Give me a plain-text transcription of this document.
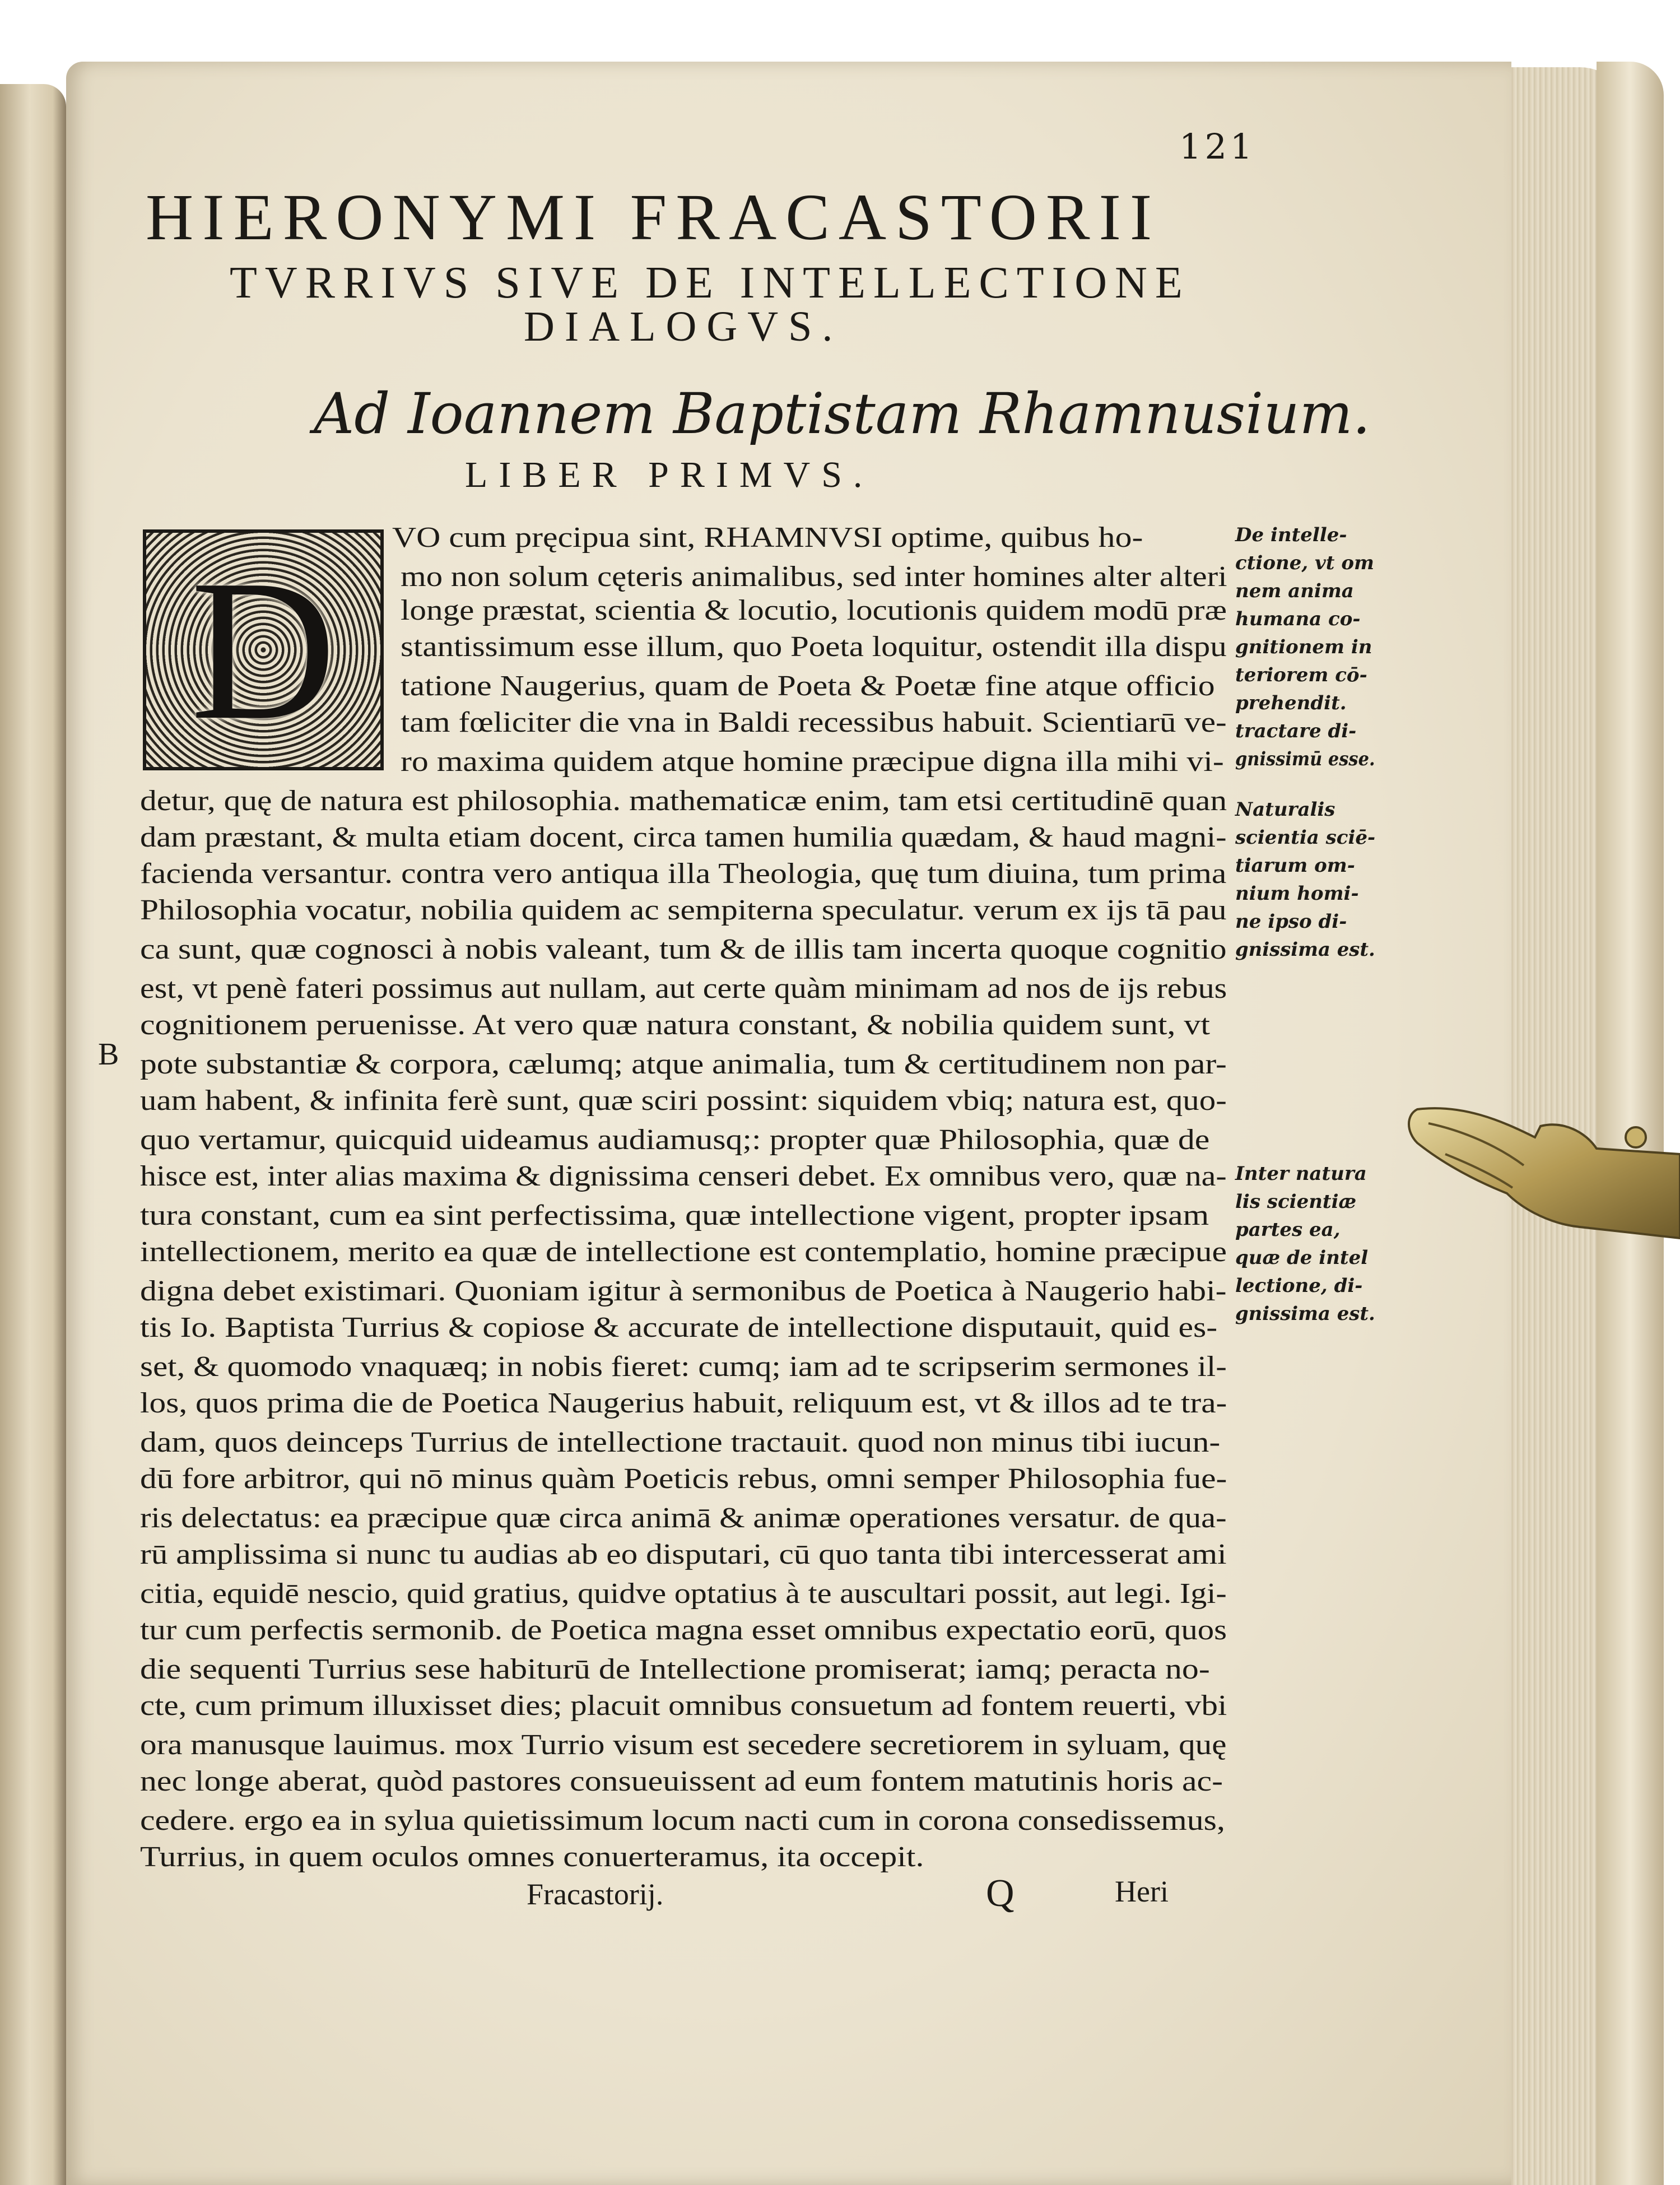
121
HIERONYMI FRACASTORII
TVRRIVS SIVE DE INTELLECTIONE
DIALOGVS.
Ad Ioannem Baptistam Rhamnusium.
LIBER PRIMVS.
D
VO cum pręcipua sint, RHAMNVSI optime, quibus ho-
mo non solum cęteris animalibus, sed inter homines alter alteri
longe præstat, scientia & locutio, locutionis quidem modū præ
stantissimum esse illum, quo Poeta loquitur, ostendit illa dispu
tatione Naugerius, quam de Poeta & Poetæ fine atque officio
tam fœliciter die vna in Baldi recessibus habuit. Scientiarū ve-
ro maxima quidem atque homine præcipue digna illa mihi vi-
detur, quę de natura est philosophia. mathematicæ enim, tam etsi certitudinē quan
dam præstant, & multa etiam docent, circa tamen humilia quædam, & haud magni-
facienda versantur. contra vero antiqua illa Theologia, quę tum diuina, tum prima
Philosophia vocatur, nobilia quidem ac sempiterna speculatur. verum ex ijs tā pau
ca sunt, quæ cognosci à nobis valeant, tum & de illis tam incerta quoque cognitio
est, vt penè fateri possimus aut nullam, aut certe quàm minimam ad nos de ijs rebus
cognitionem peruenisse. At vero quæ natura constant, & nobilia quidem sunt, vt
pote substantiæ & corpora, cælumq; atque animalia, tum & certitudinem non par-
uam habent, & infinita ferè sunt, quæ sciri possint: siquidem vbiq; natura est, quo-
quo vertamur, quicquid uideamus audiamusq;: propter quæ Philosophia, quæ de
hisce est, inter alias maxima & dignissima censeri debet. Ex omnibus vero, quæ na-
tura constant, cum ea sint perfectissima, quæ intellectione vigent, propter ipsam
intellectionem, merito ea quæ de intellectione est contemplatio, homine præcipue
digna debet existimari. Quoniam igitur à sermonibus de Poetica à Naugerio habi-
tis Io. Baptista Turrius & copiose & accurate de intellectione disputauit, quid es-
set, & quomodo vnaquæq; in nobis fieret: cumq; iam ad te scripserim sermones il-
los, quos prima die de Poetica Naugerius habuit, reliquum est, vt & illos ad te tra-
dam, quos deinceps Turrius de intellectione tractauit. quod non minus tibi iucun-
dū fore arbitror, qui nō minus quàm Poeticis rebus, omni semper Philosophia fue-
ris delectatus: ea præcipue quæ circa animā & animæ operationes versatur. de qua-
rū amplissima si nunc tu audias ab eo disputari, cū quo tanta tibi intercesserat ami
citia, equidē nescio, quid gratius, quidve optatius à te auscultari possit, aut legi. Igi-
tur cum perfectis sermonib. de Poetica magna esset omnibus expectatio eorū, quos
die sequenti Turrius sese habiturū de Intellectione promiserat; iamq; peracta no-
cte, cum primum illuxisset dies; placuit omnibus consuetum ad fontem reuerti, vbi
ora manusque lauimus. mox Turrio visum est secedere secretiorem in syluam, quę
nec longe aberat, quòd pastores consueuissent ad eum fontem matutinis horis ac-
cedere. ergo ea in sylua quietissimum locum nacti cum in corona consedissemus,
Turrius, in quem oculos omnes conuerteramus, ita occepit.
De intelle-
ctione, vt om
nem anima
humana co-
gnitionem in
teriorem cō-
prehendit.
tractare di-
gnissimū esse.
Naturalis
scientia sciē-
tiarum om-
nium homi-
ne ipso di-
gnissima est.
Inter natura
lis scientiæ
partes ea,
quæ de intel
lectione, di-
gnissima est.
B
Fracastorij.	Q	Heri
